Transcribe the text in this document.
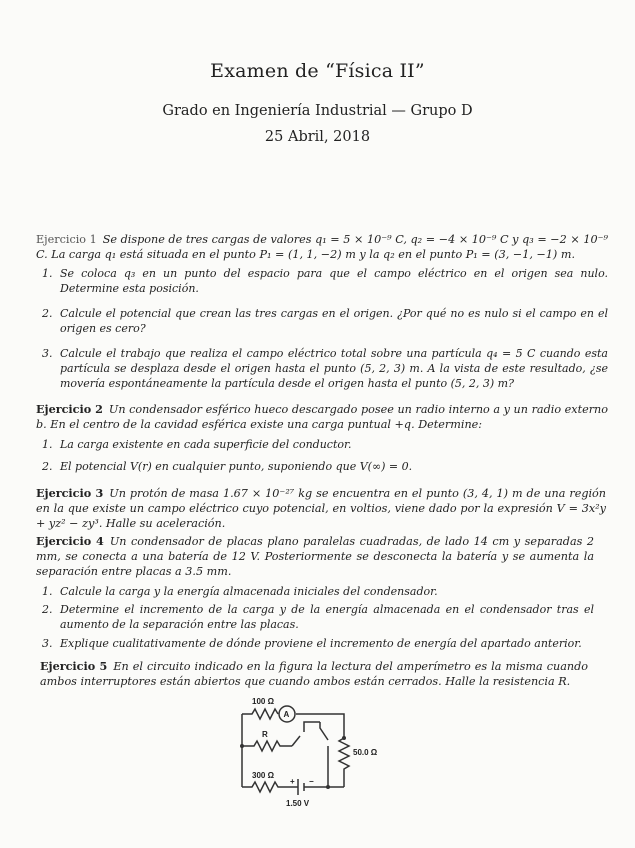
Examen de “Física II”
Grado en Ingeniería Industrial — Grupo D
25 Abril, 2018
Ejercicio 1 Se dispone de tres cargas de valores q₁ = 5 × 10⁻⁹ C, q₂ = −4 × 10⁻⁹ C y q₃ = −2 × 10⁻⁹ C. La carga q₁ está situada en el punto P₁ = (1, 1, −2) m y la q₂ en el punto P₁ = (3, −1, −1) m.
1. Se coloca q₃ en un punto del espacio para que el campo eléctrico en el origen sea nulo. Determine esta posición.
2. Calcule el potencial que crean las tres cargas en el origen. ¿Por qué no es nulo si el campo en el origen es cero?
3. Calcule el trabajo que realiza el campo eléctrico total sobre una partícula q₄ = 5 C cuando esta partícula se desplaza desde el origen hasta el punto (5, 2, 3) m. A la vista de este resultado, ¿se movería espontáneamente la partícula desde el origen hasta el punto (5, 2, 3) m?
Ejercicio 2 Un condensador esférico hueco descargado posee un radio interno a y un radio externo b. En el centro de la cavidad esférica existe una carga puntual +q. Determine:
1. La carga existente en cada superficie del conductor.
2. El potencial V(r) en cualquier punto, suponiendo que V(∞) = 0.
Ejercicio 3 Un protón de masa 1.67 × 10⁻²⁷ kg se encuentra en el punto (3, 4, 1) m de una región en la que existe un campo eléctrico cuyo potencial, en voltios, viene dado por la expresión V = 3x²y + yz² − zy³. Halle su aceleración.
Ejercicio 4 Un condensador de placas plano paralelas cuadradas, de lado 14 cm y separadas 2 mm, se conecta a una batería de 12 V. Posteriormente se desconecta la batería y se aumenta la separación entre placas a 3.5 mm.
1. Calcule la carga y la energía almacenada iniciales del condensador.
2. Determine el incremento de la carga y de la energía almacenada en el condensador tras el aumento de la separación entre las placas.
3. Explique cualitativamente de dónde proviene el incremento de energía del apartado anterior.
Ejercicio 5 En el circuito indicado en la figura la lectura del amperímetro es la misma cuando ambos interruptores están abiertos que cuando ambos están cerrados. Halle la resistencia R.
100 Ω
A
R
50.0 Ω
300 Ω
+ −
1.50 V
